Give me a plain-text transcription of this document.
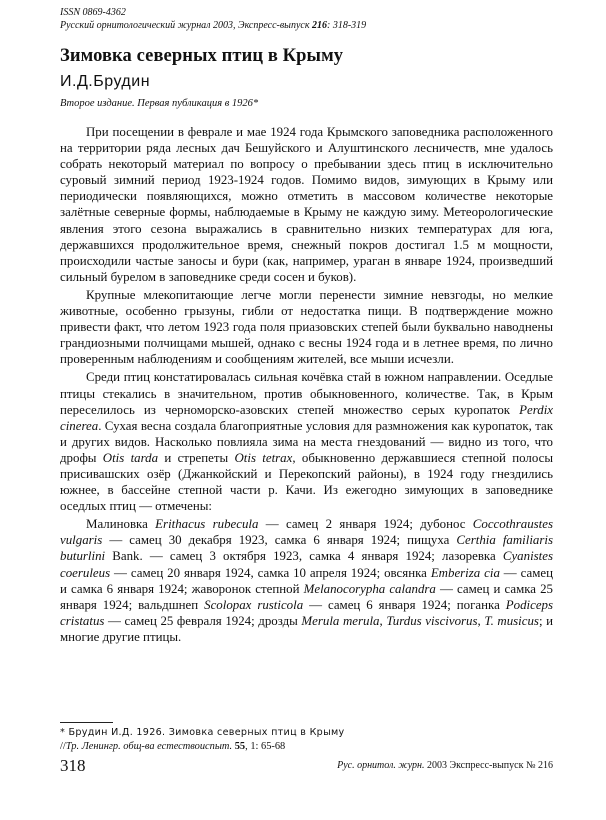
ISSN 0869-4362
Русский орнитологический журнал 2003, Экспресс-выпуск 216: 318-319
Зимовка северных птиц в Крыму
И.Д.Брудин
Второе издание. Первая публикация в 1926*

При посещении в феврале и мае 1924 года Крымского заповедника расположенного на территории ряда лесных дач Бешуйского и Алуштинского лесничеств, мне удалось собрать некоторый материал по вопросу о пребывании здесь птиц в исключительно суровый зимний период 1923-1924 годов. Помимо видов, зимующих в Крыму или периодически появляющихся, можно отметить в массовом количестве некоторые залётные северные формы, наблюдаемые в Крыму не каждую зиму. Метеорологические явления этого сезона выражались в сравнительно низких температурах для юга, державшихся продолжительное время, снежный покров достигал 1.5 м мощности, происходили частые заносы и бури (как, например, ураган в январе 1924, произведший сильный бурелом в заповеднике среди сосен и буков).

Крупные млекопитающие легче могли перенести зимние невзгоды, но мелкие животные, особенно грызуны, гибли от недостатка пищи. В подтверждение можно привести факт, что летом 1923 года поля приазовских степей были буквально наводнены грандиозными полчищами мышей, однако с весны 1924 года и в летнее время, по лично проверенным наблюдениям и сообщениям жителей, все мыши исчезли.

Среди птиц констатировалась сильная кочёвка стай в южном направлении. Оседлые птицы стекались в значительном, против обыкновенного, количестве. Так, в Крым переселилось из черноморско-азовских степей множество серых куропаток Perdix cinerea. Сухая весна создала благоприятные условия для размножения как куропаток, так и других видов. Насколько повлияла зима на места гнездований — видно из того, что дрофы Otis tarda и стрепеты Otis tetrax, обыкновенно державшиеся степной полосы присивашских озёр (Джанкойский и Перекопский районы), в 1924 году гнездились южнее, в бассейне степной части р. Качи. Из ежегодно зимующих в заповеднике оседлых птиц — отмечены:

Малиновка Erithacus rubecula — самец 2 января 1924; дубонос Coccothraustes vulgaris — самец 30 декабря 1923, самка 6 января 1924; пищуха Certhia familiaris buturlini Bank. — самец 3 октября 1923, самка 4 января 1924; лазоревка Cyanistes coeruleus — самец 20 января 1924, самка 10 апреля 1924; овсянка Emberiza cia — самец и самка 6 января 1924; жаворонок степной Melanocorypha calandra — самец и самка 25 января 1924; вальдшнеп Scolopax rusticola — самец 6 января 1924; поганка Podiceps cristatus — самец 25 февраля 1924; дрозды Merula merula, Turdus viscivorus, T. musicus; и многие другие птицы.

* Брудин И.Д. 1926. Зимовка северных птиц в Крыму
//Тр. Ленингр. общ-ва естествоиспыт. 55, 1: 65-68
318	Рус. орнитол. журн. 2003 Экспресс-выпуск № 216
